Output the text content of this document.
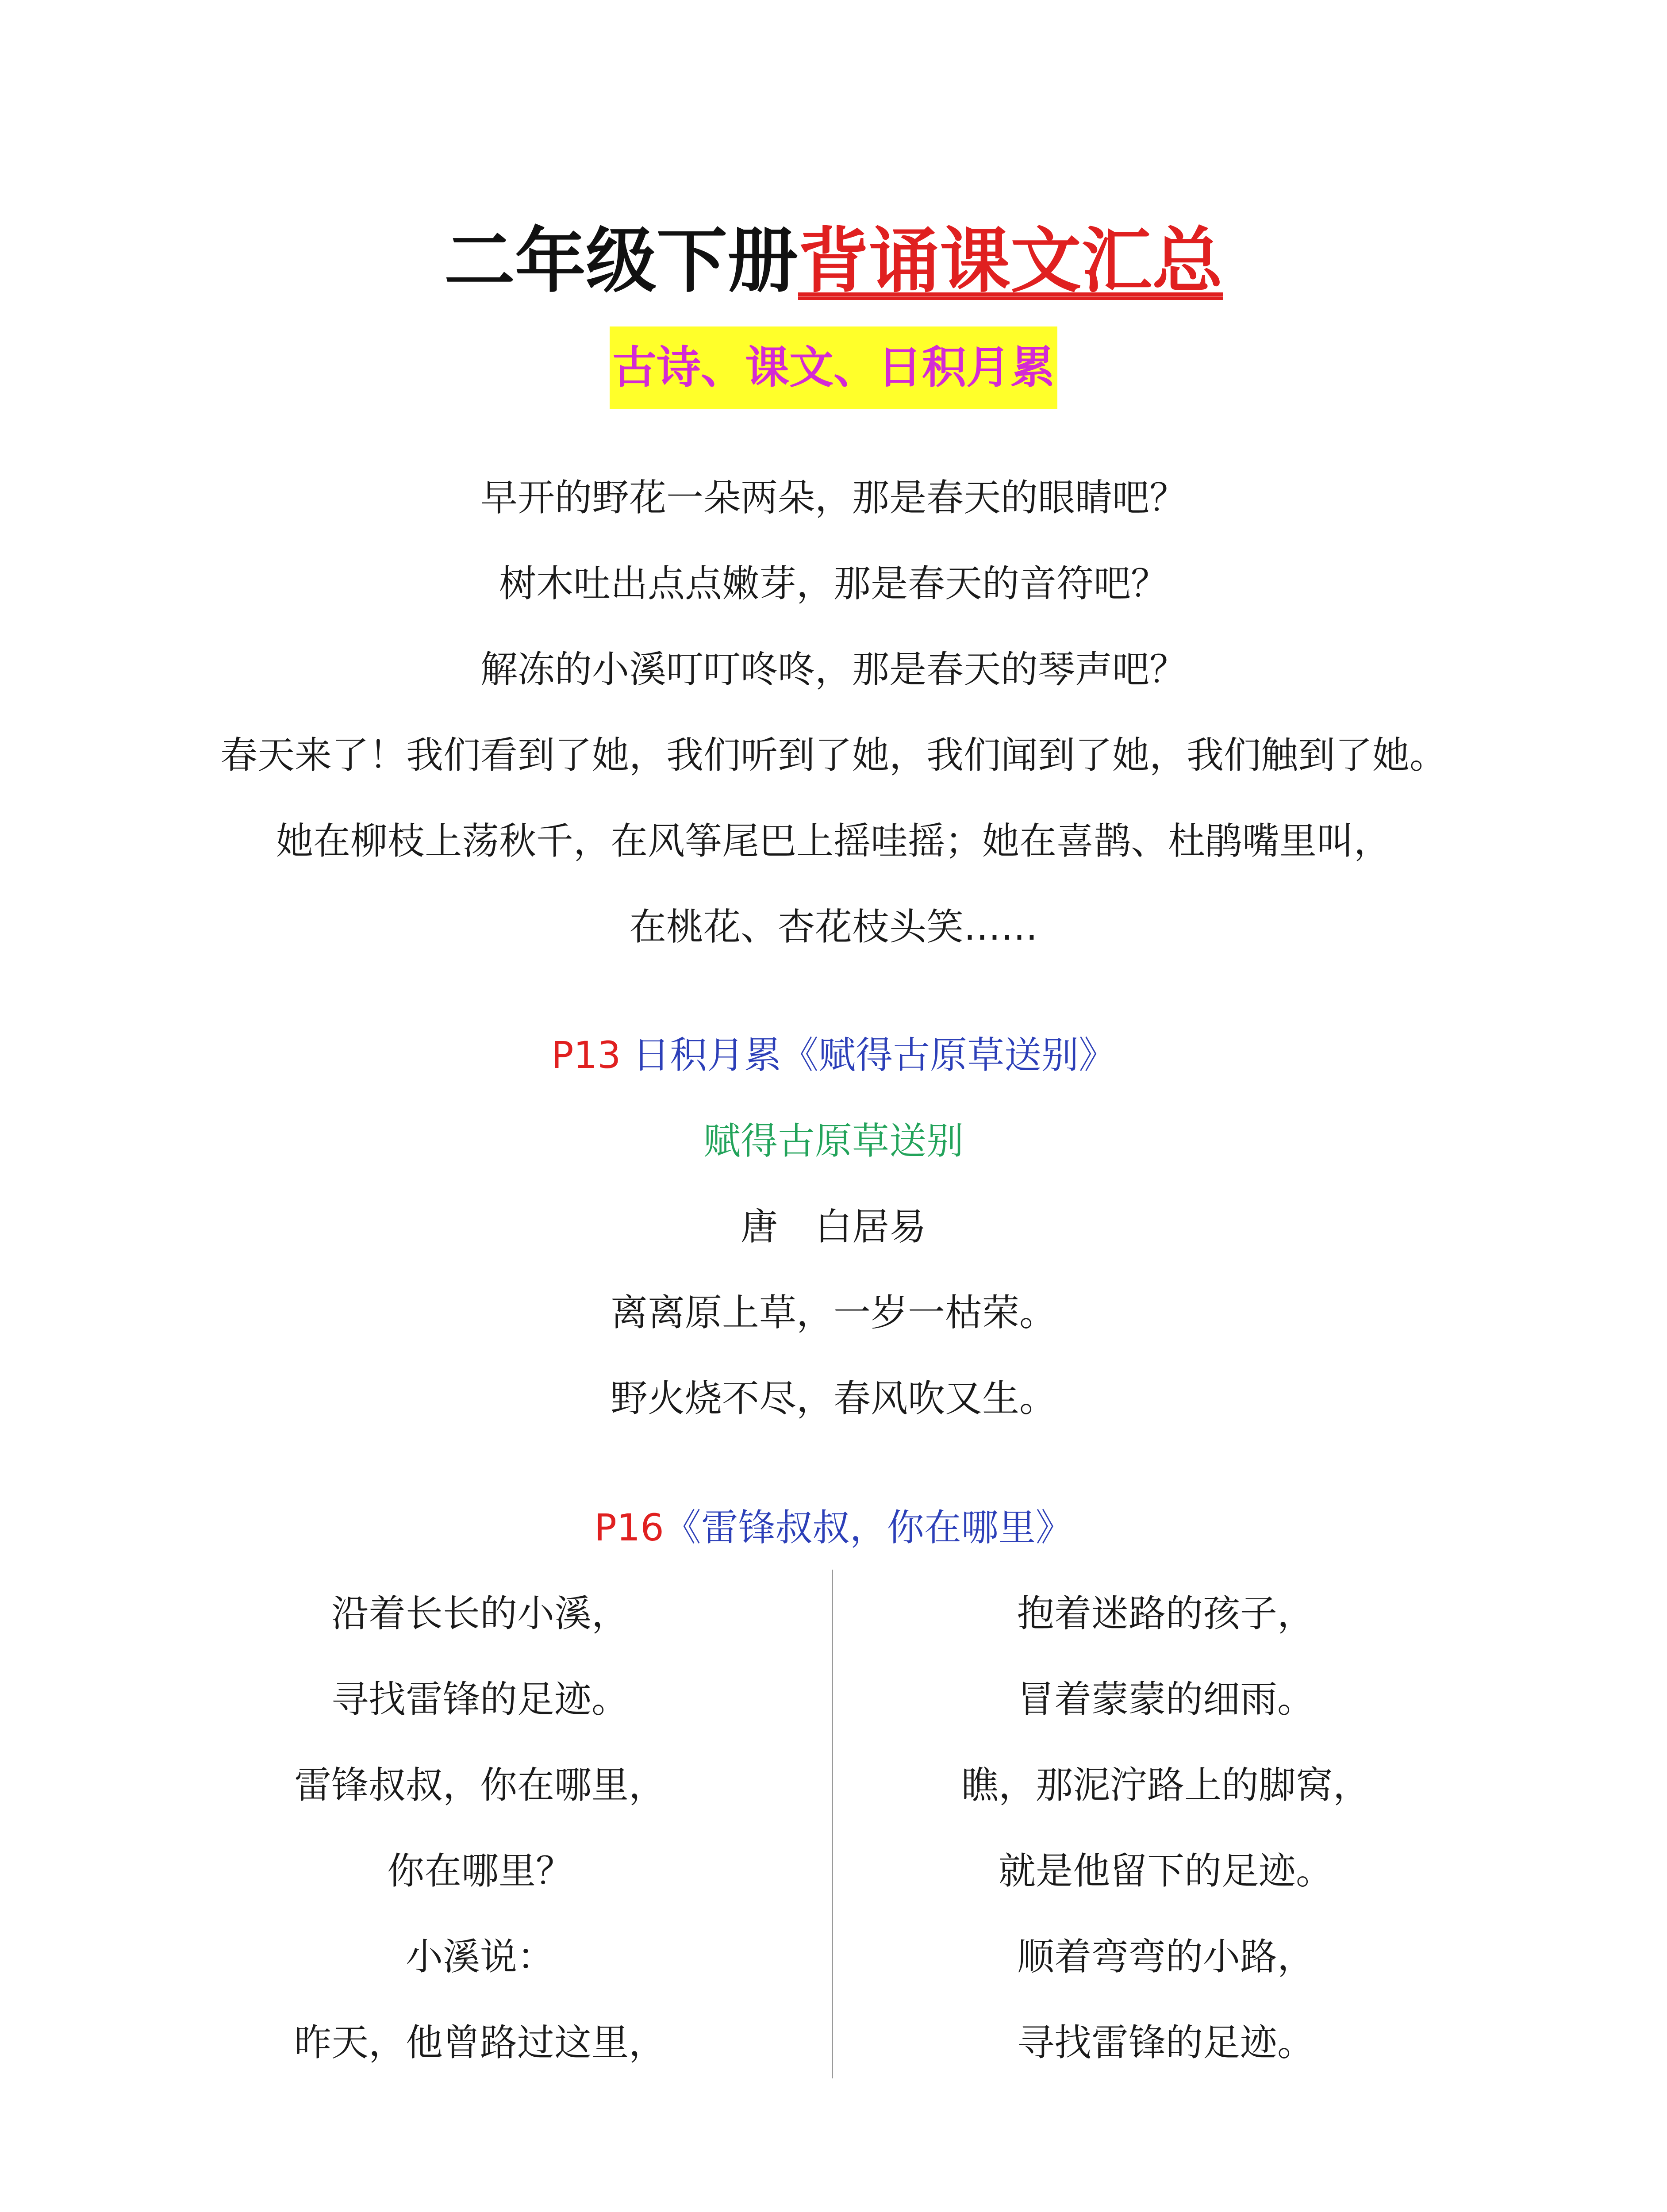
二年级下册背诵课文汇总
古诗、课文、日积月累
早开的野花一朵两朵，那是春天的眼睛吧？
树木吐出点点嫩芽，那是春天的音符吧？
解冻的小溪叮叮咚咚，那是春天的琴声吧？
春天来了！我们看到了她，我们听到了她，我们闻到了她，我们触到了她。
她在柳枝上荡秋千，在风筝尾巴上摇哇摇；她在喜鹊、杜鹃嘴里叫，
在桃花、杏花枝头笑……
P13 日积月累《赋得古原草送别》
赋得古原草送别
唐　白居易
离离原上草，一岁一枯荣。
野火烧不尽，春风吹又生。
P16《雷锋叔叔，你在哪里》
沿着长长的小溪，
寻找雷锋的足迹。
雷锋叔叔，你在哪里，
你在哪里？
小溪说：
昨天，他曾路过这里，
抱着迷路的孩子，
冒着蒙蒙的细雨。
瞧，那泥泞路上的脚窝，
就是他留下的足迹。
顺着弯弯的小路，
寻找雷锋的足迹。
